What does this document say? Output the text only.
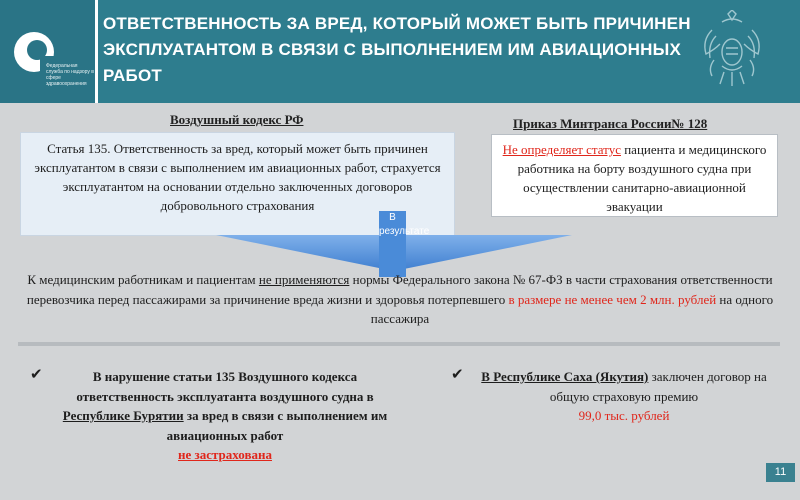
Федеральная служба по надзору в сфере здравоохранения
ОТВЕТСТВЕННОСТЬ ЗА ВРЕД, КОТОРЫЙ МОЖЕТ БЫТЬ ПРИЧИНЕН ЭКСПЛУАТАНТОМ В СВЯЗИ С ВЫПОЛНЕНИЕМ ИМ АВИАЦИОННЫХ РАБОТ
Воздушный кодекс РФ	Приказ Минтранса России№ 128
Статья 135. Ответственность за вред, который может быть причинен эксплуатантом в связи с выполнением им авиационных работ, страхуется эксплуатантом на основании отдельно заключенных договоров добровольного страхования
Не определяет статус пациента и медицинского работника на борту воздушного судна при осуществлении санитарно-авиационной эвакуации
В результате
К медицинским работникам и пациентам не применяются нормы Федерального закона № 67-ФЗ в части страхования ответственности перевозчика перед пассажирами за причинение вреда жизни и здоровья потерпевшего в размере не менее чем 2 млн. рублей на одного пассажира
✔	В нарушение статьи 135 Воздушного кодекса ответственность эксплуатанта воздушного судна в Республике Бурятии за вред в связи с выполнением им авиационных работ
не застрахована
✔	В Республике Саха (Якутия) заключен договор на общую страховую премию
99,0 тыс. рублей
11
